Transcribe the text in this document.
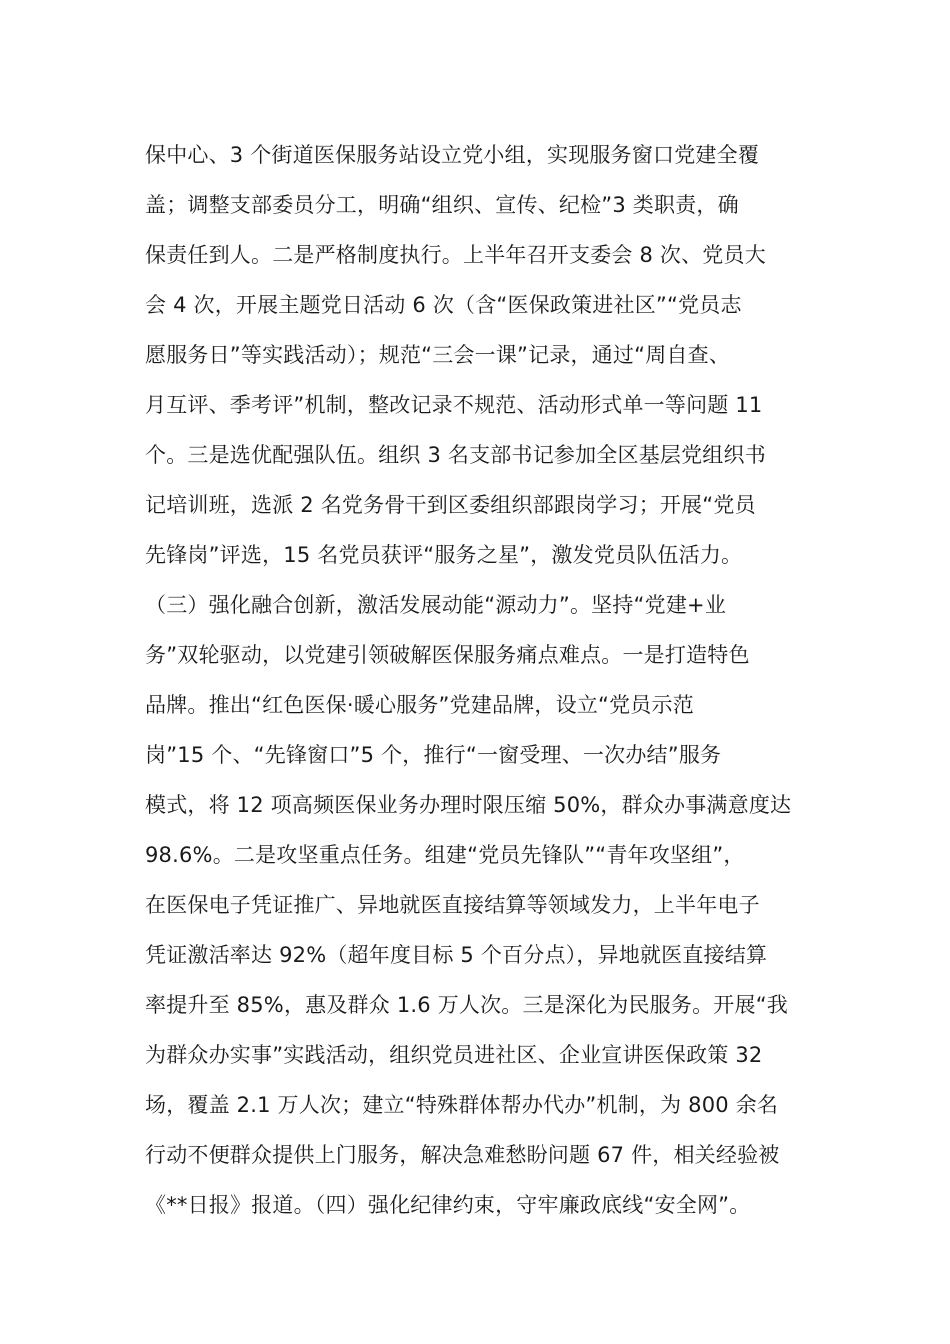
保中心、3 个街道医保服务站设立党小组，实现服务窗口党建全覆
盖；调整支部委员分工，明确“组织、宣传、纪检”3 类职责，确
保责任到人。二是严格制度执行。上半年召开支委会 8 次、党员大
会 4 次，开展主题党日活动 6 次（含“医保政策进社区”“党员志
愿服务日”等实践活动）；规范“三会一课”记录，通过“周自查、
月互评、季考评”机制，整改记录不规范、活动形式单一等问题 11
个。三是选优配强队伍。组织 3 名支部书记参加全区基层党组织书
记培训班，选派 2 名党务骨干到区委组织部跟岗学习；开展“党员
先锋岗”评选，15 名党员获评“服务之星”，激发党员队伍活力。
（三）强化融合创新，激活发展动能“源动力”。坚持“党建+业
务”双轮驱动，以党建引领破解医保服务痛点难点。一是打造特色
品牌。推出“红色医保·暖心服务”党建品牌，设立“党员示范
岗”15 个、“先锋窗口”5 个，推行“一窗受理、一次办结”服务
模式，将 12 项高频医保业务办理时限压缩 50%，群众办事满意度达
98.6%。二是攻坚重点任务。组建“党员先锋队”“青年攻坚组”，
在医保电子凭证推广、异地就医直接结算等领域发力，上半年电子
凭证激活率达 92%（超年度目标 5 个百分点），异地就医直接结算
率提升至 85%，惠及群众 1.6 万人次。三是深化为民服务。开展“我
为群众办实事”实践活动，组织党员进社区、企业宣讲医保政策 32
场，覆盖 2.1 万人次；建立“特殊群体帮办代办”机制，为 800 余名
行动不便群众提供上门服务，解决急难愁盼问题 67 件，相关经验被
《**日报》报道。（四）强化纪律约束，守牢廉政底线“安全网”。
